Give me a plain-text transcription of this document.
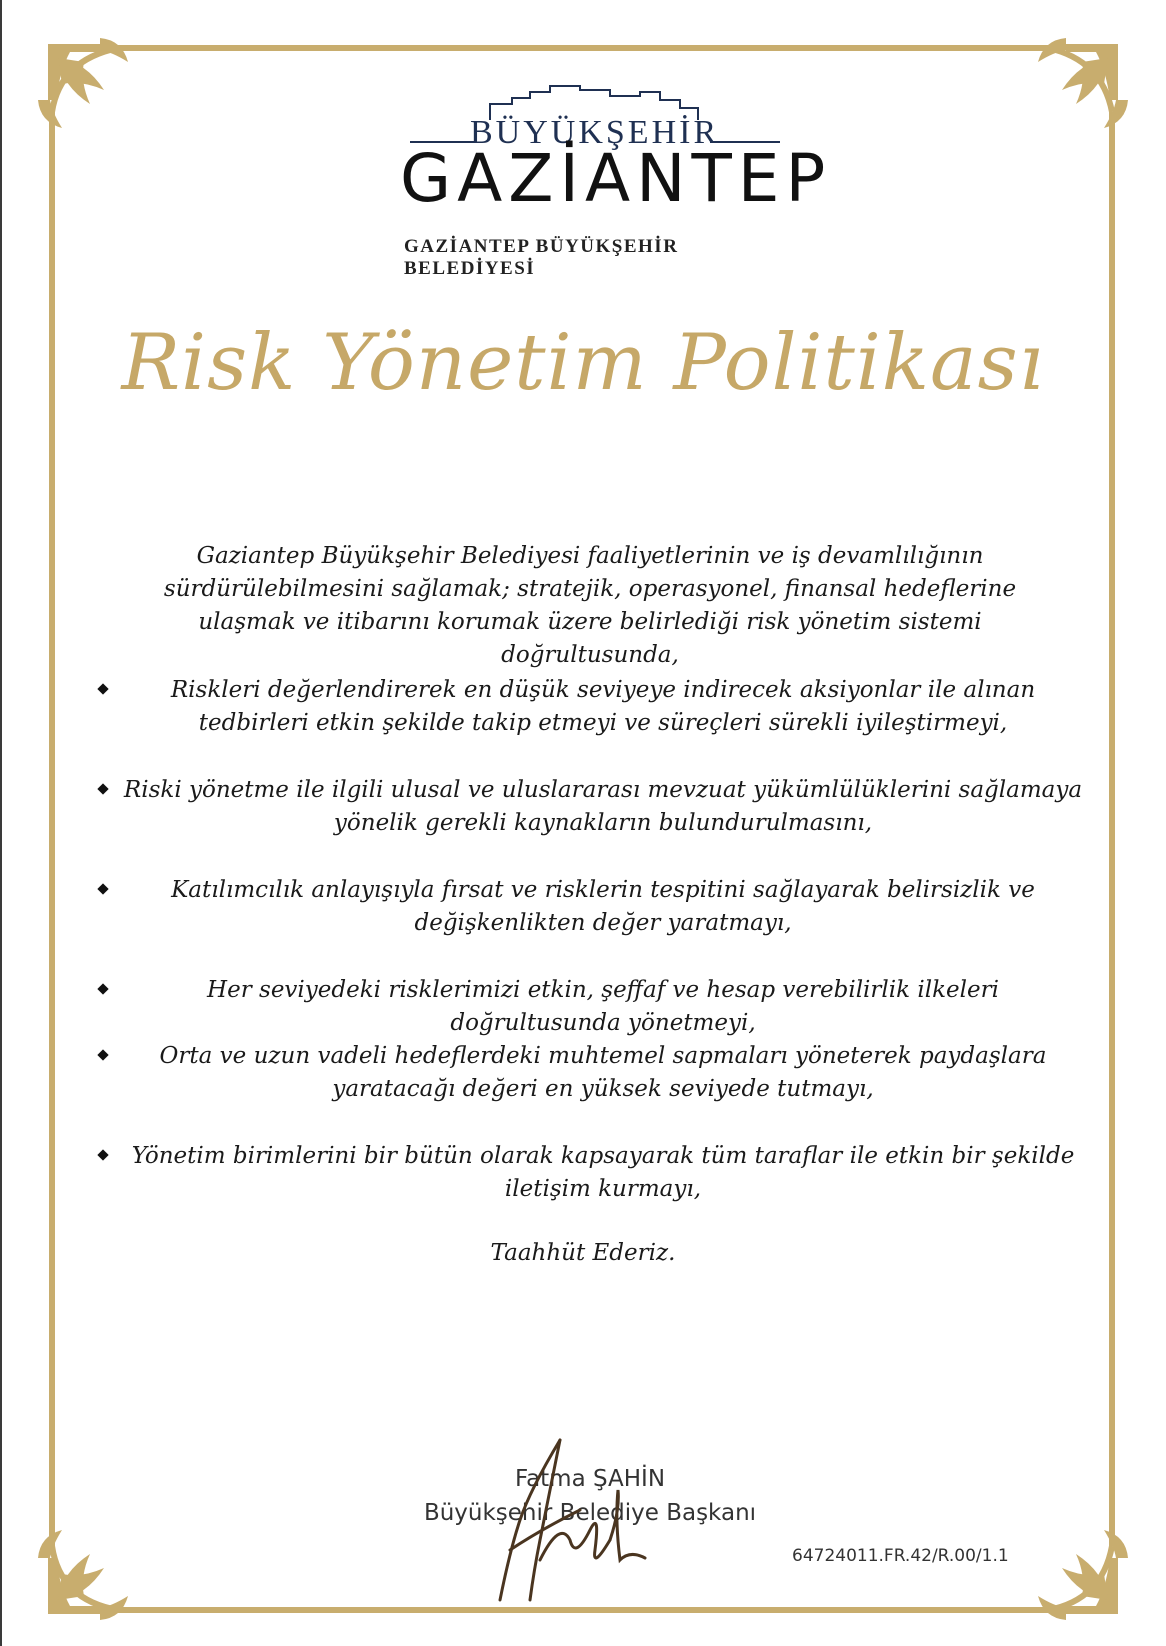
BÜYÜKŞEHİR

GAZİANTEP

GAZİANTEP BÜYÜKŞEHİR BELEDİYESİ

Risk Yönetim Politikası

Gaziantep Büyükşehir Belediyesi faaliyetlerinin ve iş devamlılığının sürdürülebilmesini sağlamak; stratejik, operasyonel, finansal hedeflerine ulaşmak ve itibarını korumak üzere belirlediği risk yönetim sistemi doğrultusunda,

Riskleri değerlendirerek en düşük seviyeye indirecek aksiyonlar ile alınan tedbirleri etkin şekilde takip etmeyi ve süreçleri sürekli iyileştirmeyi,
Riski yönetme ile ilgili ulusal ve uluslararası mevzuat yükümlülüklerini sağlamaya yönelik gerekli kaynakların bulundurulmasını,
Katılımcılık anlayışıyla fırsat ve risklerin tespitini sağlayarak belirsizlik ve değişkenlikten değer yaratmayı,
Her seviyedeki risklerimizi etkin, şeffaf ve hesap verebilirlik ilkeleri doğrultusunda yönetmeyi,
Orta ve uzun vadeli hedeflerdeki muhtemel sapmaları yöneterek paydaşlara yaratacağı değeri en yüksek seviyede tutmayı,
Yönetim birimlerini bir bütün olarak kapsayarak tüm taraflar ile etkin bir şekilde iletişim kurmayı,

Taahhüt Ederiz.

Fatma ŞAHİN

Büyükşehir Belediye Başkanı

64724011.FR.42/R.00/1.1
